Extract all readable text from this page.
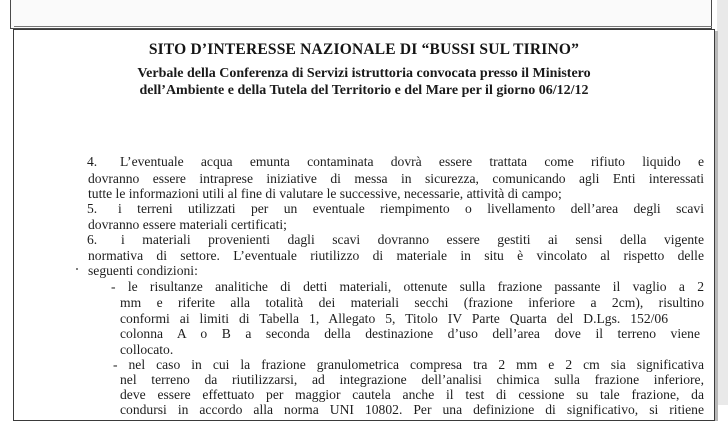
SITO D’INTERESSE NAZIONALE DI “BUSSI SUL TIRINO”
Verbale della Conferenza di Servizi istruttoria convocata presso il Ministero
dell’Ambiente e della Tutela del Territorio e del Mare per il giorno 06/12/12
4. L’eventuale acqua emunta contaminata dovrà essere trattata come rifiuto liquido e
dovranno essere intraprese iniziative di messa in sicurezza, comunicando agli Enti interessati
tutte le informazioni utili al fine di valutare le successive, necessarie, attività di campo;
5. i terreni utilizzati per un eventuale riempimento o livellamento dell’area degli scavi
dovranno essere materiali certificati;
6. i materiali provenienti dagli scavi dovranno essere gestiti ai sensi della vigente
normativa di settore. L’eventuale riutilizzo di materiale in situ è vincolato al rispetto delle
seguenti condizioni:
- le risultanze analitiche di detti materiali, ottenute sulla frazione passante il vaglio a 2
mm e riferite alla totalità dei materiali secchi (frazione inferiore a 2cm), risultino
conformi ai limiti di Tabella 1, Allegato 5, Titolo IV Parte Quarta del D.Lgs. 152/06
colonna A o B a seconda della destinazione d’uso dell’area dove il terreno viene
collocato.
- nel caso in cui la frazione granulometrica compresa tra 2 mm e 2 cm sia significativa
nel terreno da riutilizzarsi, ad integrazione dell’analisi chimica sulla frazione inferiore,
deve essere effettuato per maggior cautela anche il test di cessione su tale frazione, da
condursi in accordo alla norma UNI 10802. Per una definizione di significativo, si ritiene
